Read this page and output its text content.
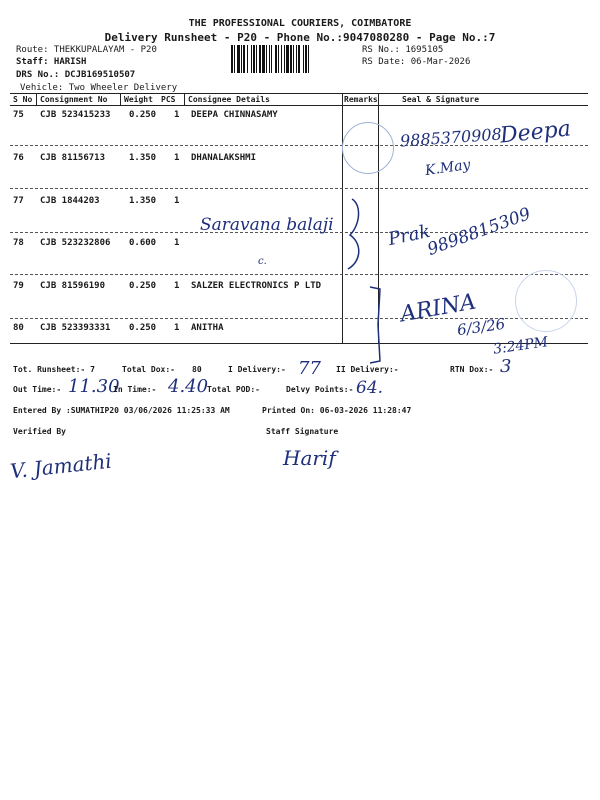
THE PROFESSIONAL COURIERS, COIMBATORE
Delivery Runsheet - P20 - Phone No.:9047080280 - Page No.:7
Route: THEKKUPALAYAM - P20
Staff: HARISH
DRS No.: DCJB169510507
Vehicle: Two Wheeler Delivery
RS No.: 1695105
RS Date: 06-Mar-2026
S No Consignment No Weight PCS Consignee Details	Remarks	Seal & Signature
75 CJB 523415233 0.250 1 DEEPA CHINNASAMY
76 CJB 81156713	1.350 1 DHANALAKSHMI
77 CJB 1844203	1.350 1
78 CJB 523232806 0.600 1
79 CJB 81596190	0.250 1 SALZER ELECTRONICS P LTD
80 CJB 523393331 0.250 1 ANITHA
9885370908
Deepa
K.May
Saravana balaji
c.
Prak
9898815309
ARINA
6/3/26
3:24PM
Tot. Runsheet:- 7	Total Dox:- 80	I Delivery:- 77 II Delivery:-	RTN Dox:- 3
Out Time:- 11.30
In Time:- 4.40
Total POD:-	Delvy Points:- 64.
Entered By :SUMATHIP20 03/06/2026 11:25:33 AM	Printed On: 06-03-2026 11:28:47
Verified By	Staff Signature
V. Jamathi	Harif
